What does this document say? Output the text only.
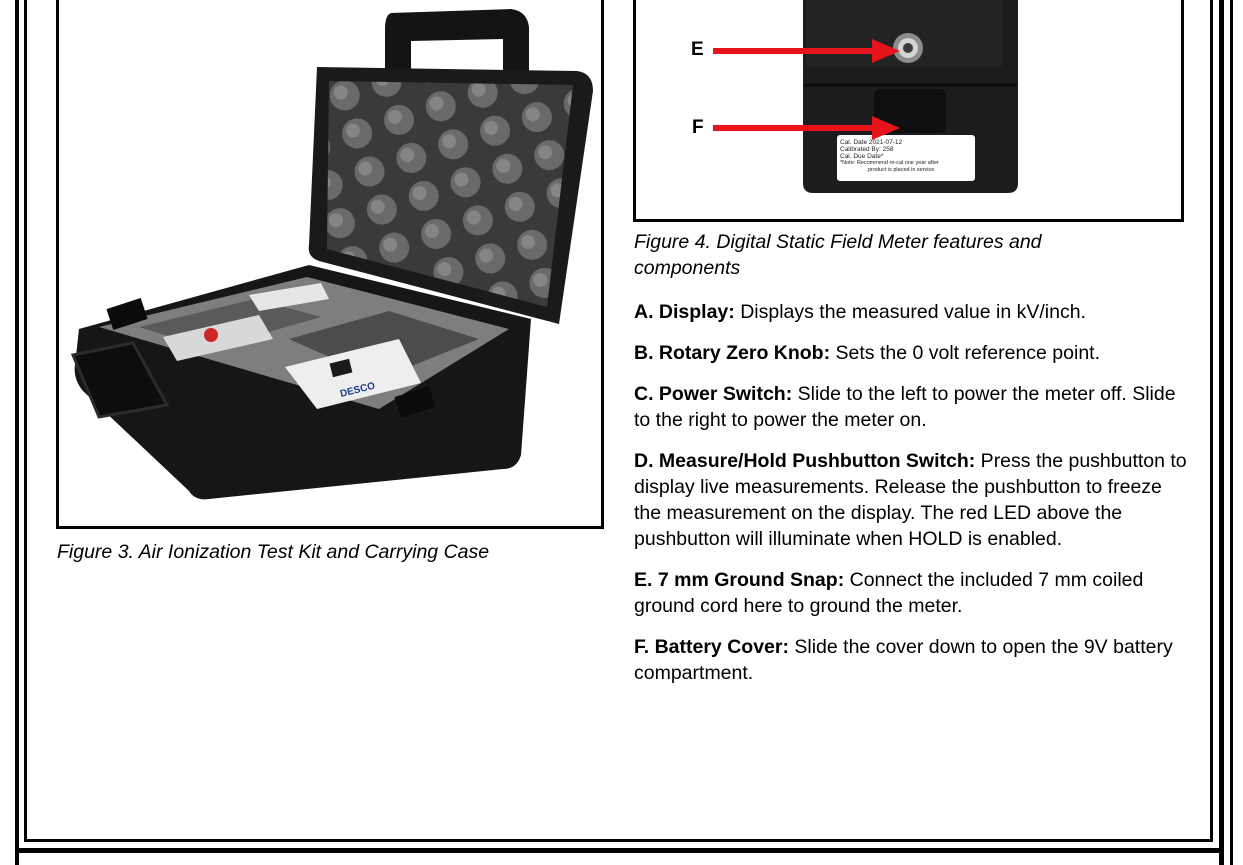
DESCO
Figure 3. Air Ionization Test Kit and Carrying Case
Cal. Date 2021-07-12
Calibrated By: 258
Cal. Due Date*
*Note: Recommend re-cal one year after
product is placed in service
E
F
Figure 4. Digital Static Field Meter features and components
A. Display: Displays the measured value in kV/inch.
B. Rotary Zero Knob: Sets the 0 volt reference point.
C. Power Switch: Slide to the left to power the meter off. Slide to the right to power the meter on.
D. Measure/Hold Pushbutton Switch: Press the pushbutton to display live measurements. Release the pushbutton to freeze the measurement on the display. The red LED above the pushbutton will illuminate when HOLD is enabled.
E. 7 mm Ground Snap: Connect the included 7 mm coiled ground cord here to ground the meter.
F. Battery Cover: Slide the cover down to open the 9V battery compartment.
